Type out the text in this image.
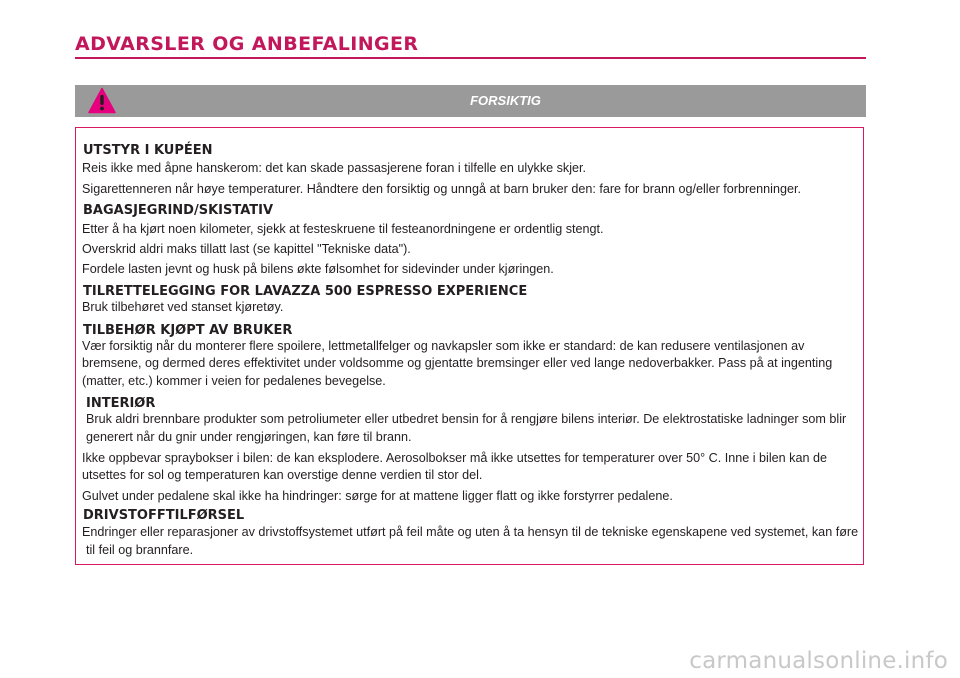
ADVARSLER OG ANBEFALINGER
FORSIKTIG
UTSTYR I KUPÉEN
Reis ikke med åpne hanskerom: det kan skade passasjerene foran i tilfelle en ulykke skjer.
Sigarettenneren når høye temperaturer. Håndtere den forsiktig og unngå at barn bruker den: fare for brann og/eller forbrenninger.
BAGASJEGRIND/SKISTATIV
Etter å ha kjørt noen kilometer, sjekk at festeskruene til festeanordningene er ordentlig stengt.
Overskrid aldri maks tillatt last (se kapittel "Tekniske data").
Fordele lasten jevnt og husk på bilens økte følsomhet for sidevinder under kjøringen.
TILRETTELEGGING FOR LAVAZZA 500 ESPRESSO EXPERIENCE
Bruk tilbehøret ved stanset kjøretøy.
TILBEHØR KJØPT AV BRUKER
Vær forsiktig når du monterer flere spoilere, lettmetallfelger og navkapsler som ikke er standard: de kan redusere ventilasjonen av
bremsene, og dermed deres effektivitet under voldsomme og gjentatte bremsinger eller ved lange nedoverbakker. Pass på at ingenting
(matter, etc.) kommer i veien for pedalenes bevegelse.
INTERIØR
Bruk aldri brennbare produkter som petroliumeter eller utbedret bensin for å rengjøre bilens interiør. De elektrostatiske ladninger som blir
generert når du gnir under rengjøringen, kan føre til brann.
Ikke oppbevar spraybokser i bilen: de kan eksplodere. Aerosolbokser må ikke utsettes for temperaturer over 50° C. Inne i bilen kan de
utsettes for sol og temperaturen kan overstige denne verdien til stor del.
Gulvet under pedalene skal ikke ha hindringer: sørge for at mattene ligger flatt og ikke forstyrrer pedalene.
DRIVSTOFFTILFØRSEL
Endringer eller reparasjoner av drivstoffsystemet utført på feil måte og uten å ta hensyn til de tekniske egenskapene ved systemet, kan føre
til feil og brannfare.
carmanualsonline.info
